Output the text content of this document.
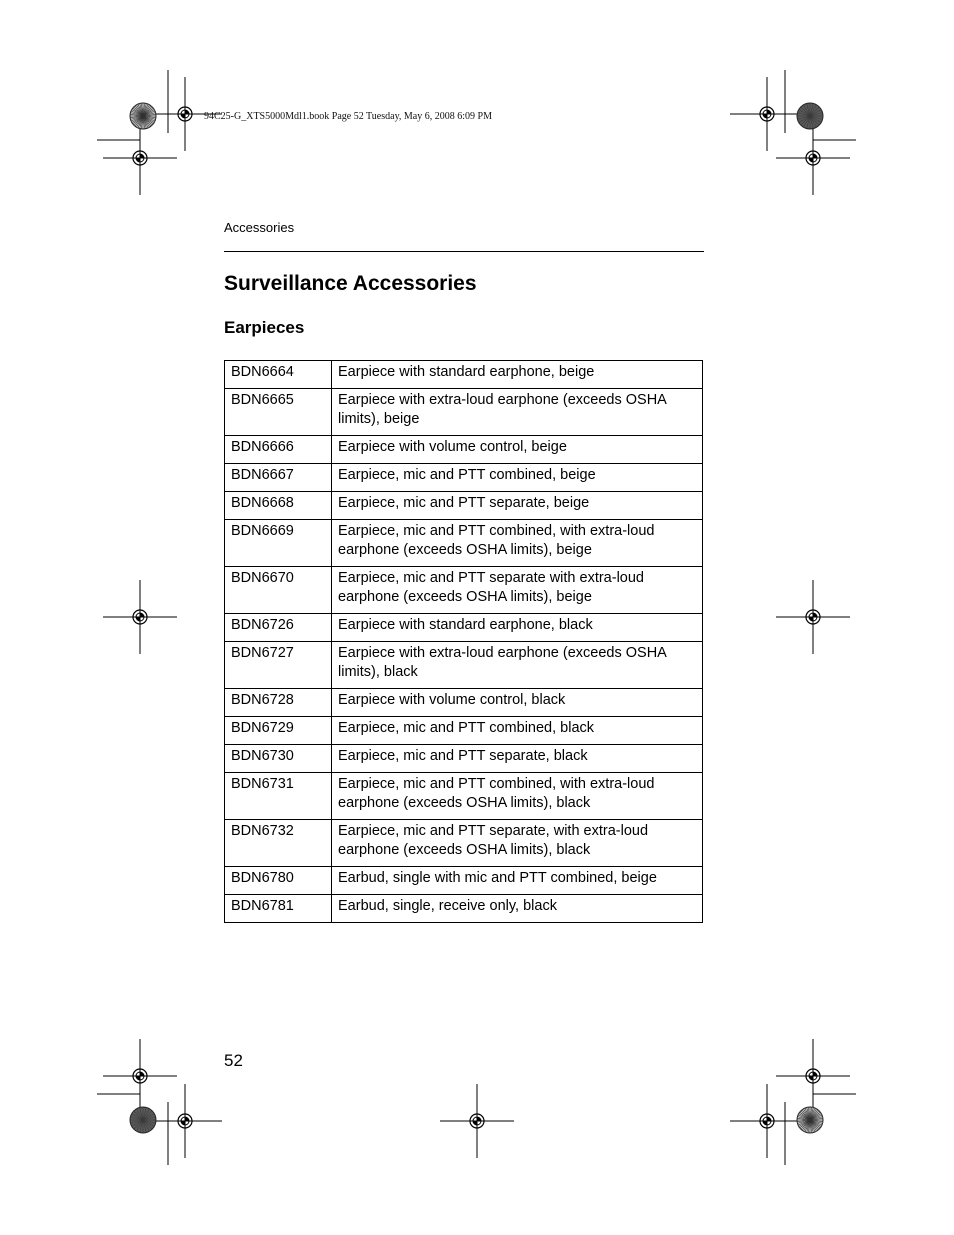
94C25-G_XTS5000Mdl1.book Page 52 Tuesday, May 6, 2008 6:09 PM
Accessories
Surveillance Accessories
Earpieces
BDN6664	Earpiece with standard earphone, beige
BDN6665	Earpiece with extra-loud earphone (exceeds OSHA limits), beige
BDN6666	Earpiece with volume control, beige
BDN6667	Earpiece, mic and PTT combined, beige
BDN6668	Earpiece, mic and PTT separate, beige
BDN6669	Earpiece, mic and PTT combined, with extra-loud earphone (exceeds OSHA limits), beige
BDN6670	Earpiece, mic and PTT separate with extra-loud earphone (exceeds OSHA limits), beige
BDN6726	Earpiece with standard earphone, black
BDN6727	Earpiece with extra-loud earphone (exceeds OSHA limits), black
BDN6728	Earpiece with volume control, black
BDN6729	Earpiece, mic and PTT combined, black
BDN6730	Earpiece, mic and PTT separate, black
BDN6731	Earpiece, mic and PTT combined, with extra-loud earphone (exceeds OSHA limits), black
BDN6732	Earpiece, mic and PTT separate, with extra-loud earphone (exceeds OSHA limits), black
BDN6780	Earbud, single with mic and PTT combined, beige
BDN6781	Earbud, single, receive only, black
52
